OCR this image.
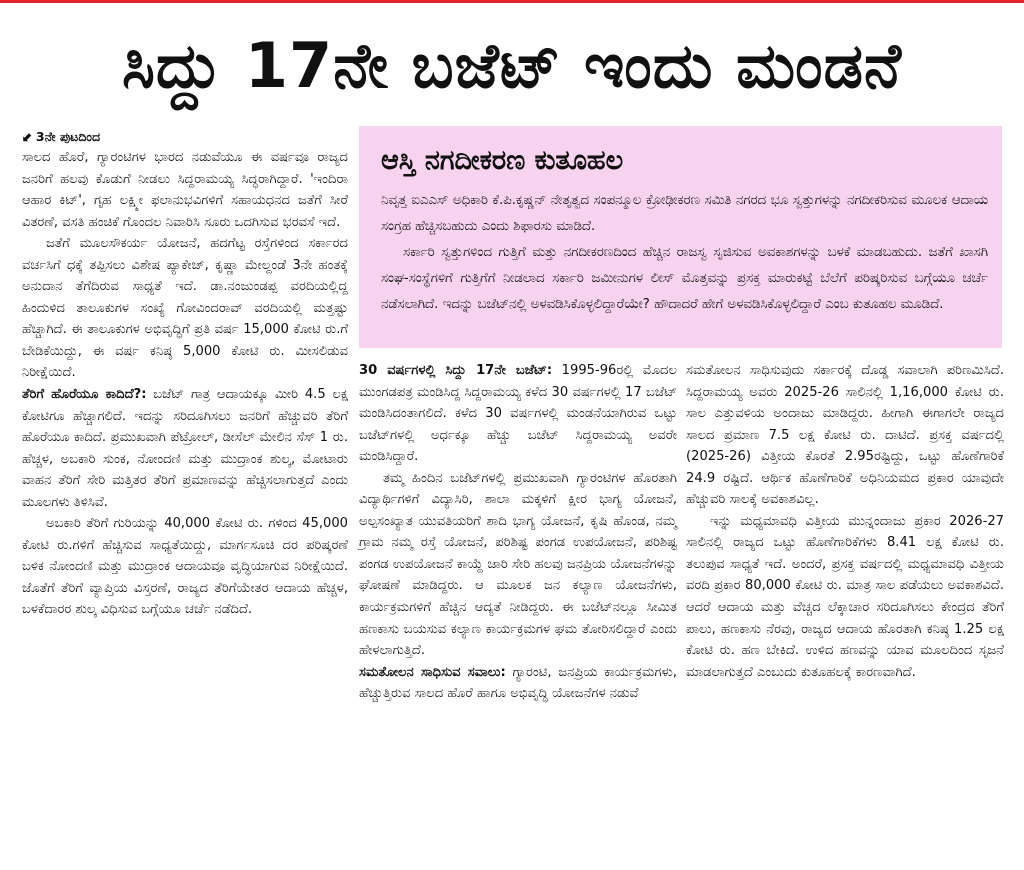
ಸಿದ್ದು 17ನೇ ಬಜೆಟ್ ಇಂದು ಮಂಡನೆ
⬋ 3ನೇ ಪುಟದಿಂದ

ಸಾಲದ ಹೊರೆ, ಗ್ಯಾರಂಟಿಗಳ ಭಾರದ ನಡುವೆಯೂ ಈ ವರ್ಷವೂ ರಾಜ್ಯದ ಜನರಿಗೆ ಹಲವು ಕೊಡುಗೆ ನೀಡಲು ಸಿದ್ದರಾಮಯ್ಯ ಸಿದ್ಧರಾಗಿದ್ದಾರೆ. 'ಇಂದಿರಾ ಆಹಾರ ಕಿಟ್', ಗೃಹ ಲಕ್ಷ್ಮೀ ಫಲಾನುಭವಿಗಳಿಗೆ ಸಹಾಯಧನದ ಜತೆಗೆ ಸೀರೆ ವಿತರಣೆ, ವಸತಿ ಹಂಚಿಕೆ ಗೊಂದಲ ನಿವಾರಿಸಿ ಸೂರು ಒದಗಿಸುವ ಭರವಸೆ ಇದೆ.

ಜತೆಗೆ ಮೂಲಸೌಕರ್ಯ ಯೋಜನೆ, ಹದಗೆಟ್ಟ ರಸ್ತೆಗಳಿಂದ ಸರ್ಕಾರದ ವರ್ಚಸಿಗೆ ಧಕ್ಕೆ ತಪ್ಪಿಸಲು ವಿಶೇಷ ಪ್ಯಾಕೇಜ್, ಕೃಷ್ಣಾ ಮೇಲ್ದಂಡೆ 3ನೇ ಹಂತಕ್ಕೆ ಅನುದಾನ ತೆಗೆದಿರುವ ಸಾಧ್ಯತೆ ಇದೆ. ಡಾ.ನಂಜುಂಡಪ್ಪ ವರದಿಯಲ್ಲಿದ್ದ ಹಿಂದುಳಿದ ತಾಲೂಕುಗಳ ಸಂಖ್ಯೆ ಗೋವಿಂದರಾವ್ ವರದಿಯಲ್ಲಿ ಮತ್ತಷ್ಟು ಹೆಚ್ಚಾಗಿದೆ. ಈ ತಾಲೂಕುಗಳ ಅಭಿವೃದ್ಧಿಗೆ ಪ್ರತಿ ವರ್ಷ 15,000 ಕೋಟಿ ರು.ಗೆ ಬೇಡಿಕೆಯಿದ್ದು, ಈ ವರ್ಷ ಕನಿಷ್ಠ 5,000 ಕೋಟಿ ರು. ಮೀಸಲಿಡುವ ನಿರೀಕ್ಷೆಯಿದೆ.

ತೆರಿಗೆ ಹೊರೆಯೂ ಕಾದಿದೆ?: ಬಜೆಟ್ ಗಾತ್ರ ಆದಾಯಕ್ಕೂ ಮೀರಿ 4.5 ಲಕ್ಷ ಕೋಟಿಗೂ ಹೆಚ್ಚಾಗಲಿದೆ. ಇದನ್ನು ಸರಿದೂಗಿಸಲು ಜನರಿಗೆ ಹೆಚ್ಚುವರಿ ತೆರಿಗೆ ಹೊರೆಯೂ ಕಾದಿದೆ. ಪ್ರಮುಖವಾಗಿ ಪೆಟ್ರೋಲ್, ಡೀಸೆಲ್ ಮೇಲಿನ ಸೆಸ್ 1 ರು. ಹೆಚ್ಚಳ, ಅಬಕಾರಿ ಸುಂಕ, ನೋಂದಣಿ ಮತ್ತು ಮುದ್ರಾಂಕ ಶುಲ್ಕ, ಮೋಟಾರು ವಾಹನ ತೆರಿಗೆ ಸೇರಿ ಮತ್ತಿತರ ತೆರಿಗೆ ಪ್ರಮಾಣವನ್ನು ಹೆಚ್ಚಿಸಲಾಗುತ್ತದೆ ಎಂದು ಮೂಲಗಳು ತಿಳಿಸಿವೆ.

ಅಬಕಾರಿ ತೆರಿಗೆ ಗುರಿಯನ್ನು 40,000 ಕೋಟಿ ರು. ಗಳಿಂದ 45,000 ಕೋಟಿ ರು.ಗಳಿಗೆ ಹೆಚ್ಚಿಸುವ ಸಾಧ್ಯತೆಯಿದ್ದು, ಮಾರ್ಗಸೂಚಿ ದರ ಪರಿಷ್ಕರಣೆ ಬಳಿಕ ನೋಂದಣಿ ಮತ್ತು ಮುದ್ರಾಂಕ ಆದಾಯವೂ ವೃದ್ಧಿಯಾಗುವ ನಿರೀಕ್ಷೆಯಿದೆ. ಜೊತೆಗೆ ತೆರಿಗೆ ವ್ಯಾಪ್ತಿಯ ವಿಸ್ತರಣೆ, ರಾಜ್ಯದ ತೆರಿಗೆಯೇತರ ಆದಾಯ ಹೆಚ್ಚಳ, ಬಳಕೆದಾರರ ಶುಲ್ಕ ವಿಧಿಸುವ ಬಗ್ಗೆಯೂ ಚರ್ಚೆ ನಡೆದಿದೆ.

ಆಸ್ತಿ ನಗದೀಕರಣ ಕುತೂಹಲ

ನಿವೃತ್ತ ಐಎಎಸ್ ಅಧಿಕಾರಿ ಕೆ.ಪಿ.ಕೃಷ್ಣನ್ ನೇತೃತ್ವದ ಸಂಪನ್ಮೂಲ ಕ್ರೋಢೀಕರಣ ಸಮಿತಿ ನಗರದ ಭೂ ಸ್ವತ್ತುಗಳನ್ನು ನಗದೀಕರಿಸುವ ಮೂಲಕ ಆದಾಯ ಸಂಗ್ರಹ ಹೆಚ್ಚಿಸಬಹುದು ಎಂದು ಶಿಫಾರಸು ಮಾಡಿದೆ.

ಸರ್ಕಾರಿ ಸ್ವತ್ತುಗಳಿಂದ ಗುತ್ತಿಗೆ ಮತ್ತು ನಗದೀಕರಣದಿಂದ ಹೆಚ್ಚಿನ ರಾಜಸ್ವ ಸೃಜಿಸುವ ಅವಕಾಶಗಳನ್ನು ಬಳಕೆ ಮಾಡಬಹುದು. ಜತೆಗೆ ಖಾಸಗಿ ಸಂಘ-ಸಂಸ್ಥೆಗಳಿಗೆ ಗುತ್ತಿಗೆಗೆ ನೀಡಲಾದ ಸರ್ಕಾರಿ ಜಮೀನುಗಳ ಲೀಸ್ ಮೊತ್ತವನ್ನು ಪ್ರಸಕ್ತ ಮಾರುಕಟ್ಟೆ ಬೆಲೆಗೆ ಪರಿಷ್ಕರಿಸುವ ಬಗ್ಗೆಯೂ ಚರ್ಚೆ ನಡೆಸಲಾಗಿದೆ. ಇದನ್ನು ಬಜೆಟ್‌ನಲ್ಲಿ ಅಳವಡಿಸಿಕೊಳ್ಳಲಿದ್ದಾರೆಯೇ? ಹೌದಾದರೆ ಹೇಗೆ ಅಳವಡಿಸಿಕೊಳ್ಳಲಿದ್ದಾರೆ ಎಂಬ ಕುತೂಹಲ ಮೂಡಿದೆ.

30 ವರ್ಷಗಳಲ್ಲಿ ಸಿದ್ದು 17ನೇ ಬಜೆಟ್: 1995-96ರಲ್ಲಿ ಮೊದಲ ಮುಂಗಡಪತ್ರ ಮಂಡಿಸಿದ್ದ ಸಿದ್ದರಾಮಯ್ಯ ಕಳೆದ 30 ವರ್ಷಗಳಲ್ಲಿ 17 ಬಜೆಟ್ ಮಂಡಿಸಿದಂತಾಗಲಿದೆ. ಕಳೆದ 30 ವರ್ಷಗಳಲ್ಲಿ ಮಂಡನೆಯಾಗಿರುವ ಒಟ್ಟು ಬಜೆಟ್‌ಗಳಲ್ಲಿ ಅರ್ಧಕ್ಕೂ ಹೆಚ್ಚು ಬಜೆಟ್ ಸಿದ್ದರಾಮಯ್ಯ ಅವರೇ ಮಂಡಿಸಿದ್ದಾರೆ.

ತಮ್ಮ ಹಿಂದಿನ ಬಜೆಟ್‌ಗಳಲ್ಲಿ ಪ್ರಮುಖವಾಗಿ ಗ್ಯಾರಂಟಿಗಳ ಹೊರತಾಗಿ ವಿದ್ಯಾರ್ಥಿಗಳಿಗೆ ವಿದ್ಯಾಸಿರಿ, ಶಾಲಾ ಮಕ್ಕಳಿಗೆ ಕ್ಷೀರ ಭಾಗ್ಯ ಯೋಜನೆ, ಅಲ್ಪಸಂಖ್ಯಾತ ಯುವತಿಯರಿಗೆ ಶಾದಿ ಭಾಗ್ಯ ಯೋಜನೆ, ಕೃಷಿ ಹೊಂಡ, ನಮ್ಮ ಗ್ರಾಮ ನಮ್ಮ ರಸ್ತೆ ಯೋಜನೆ, ಪರಿಶಿಷ್ಟ ಪಂಗಡ ಉಪಯೋಜನೆ, ಪರಿಶಿಷ್ಟ ಪಂಗಡ ಉಪಯೋಜನೆ ಕಾಯ್ದೆ ಜಾರಿ ಸೇರಿ ಹಲವು ಜನಪ್ರಿಯ ಯೋಜನೆಗಳನ್ನು ಘೋಷಣೆ ಮಾಡಿದ್ದರು. ಆ ಮೂಲಕ ಜನ ಕಲ್ಯಾಣ ಯೋಜನೆಗಳು, ಕಾರ್ಯಕ್ರಮಗಳಿಗೆ ಹೆಚ್ಚಿನ ಆದ್ಯತೆ ನೀಡಿದ್ದರು. ಈ ಬಜೆಟ್‌ನಲ್ಲೂ ಸೀಮಿತ ಹಣಕಾಸು ಬಯಸುವ ಕಲ್ಯಾಣ ಕಾರ್ಯಕ್ರಮಗಳ ಘಮ ತೋರಿಸಲಿದ್ದಾರೆ ಎಂದು ಹೇಳಲಾಗುತ್ತಿದೆ.

ಸಮತೋಲನ ಸಾಧಿಸುವ ಸವಾಲು: ಗ್ಯಾರಂಟಿ, ಜನಪ್ರಿಯ ಕಾರ್ಯಕ್ರಮಗಳು, ಹೆಚ್ಚುತ್ತಿರುವ ಸಾಲದ ಹೊರೆ ಹಾಗೂ ಅಭಿವೃದ್ಧಿ ಯೋಜನೆಗಳ ನಡುವೆ

ಸಮತೋಲನ ಸಾಧಿಸುವುದು ಸರ್ಕಾರಕ್ಕೆ ದೊಡ್ಡ ಸವಾಲಾಗಿ ಪರಿಣಮಿಸಿದೆ. ಸಿದ್ದರಾಮಯ್ಯ ಅವರು 2025-26 ಸಾಲಿನಲ್ಲಿ 1,16,000 ಕೋಟಿ ರು. ಸಾಲ ಎತ್ತುವಳಿಯ ಅಂದಾಜು ಮಾಡಿದ್ದರು. ಹೀಗಾಗಿ ಈಗಾಗಲೇ ರಾಜ್ಯದ ಸಾಲದ ಪ್ರಮಾಣ 7.5 ಲಕ್ಷ ಕೋಟಿ ರು. ದಾಟಿದೆ. ಪ್ರಸಕ್ತ ವರ್ಷದಲ್ಲಿ (2025-26) ವಿತ್ತೀಯ ಕೊರತೆ 2.95ರಷ್ಟಿದ್ದು, ಒಟ್ಟು ಹೊಣೆಗಾರಿಕೆ 24.9 ರಷ್ಟಿದೆ. ಆರ್ಥಿಕ ಹೊಣೆಗಾರಿಕೆ ಅಧಿನಿಯಮದ ಪ್ರಕಾರ ಯಾವುದೇ ಹೆಚ್ಚುವರಿ ಸಾಲಕ್ಕೆ ಅವಕಾಶವಿಲ್ಲ.

ಇನ್ನು ಮಧ್ಯಮಾವಧಿ ವಿತ್ತೀಯ ಮುನ್ನಂದಾಜು ಪ್ರಕಾರ 2026-27 ಸಾಲಿನಲ್ಲಿ ರಾಜ್ಯದ ಒಟ್ಟು ಹೊಣೆಗಾರಿಕೆಗಳು 8.41 ಲಕ್ಷ ಕೋಟಿ ರು. ತಲುಪುವ ಸಾಧ್ಯತೆ ಇದೆ. ಅಂದರೆ, ಪ್ರಸಕ್ತ ವರ್ಷದಲ್ಲಿ ಮಧ್ಯಮಾವಧಿ ವಿತ್ತೀಯ ವರದಿ ಪ್ರಕಾರ 80,000 ಕೋಟಿ ರು. ಮಾತ್ರ ಸಾಲ ಪಡೆಯಲು ಅವಕಾಶವಿದೆ. ಆದರೆ ಆದಾಯ ಮತ್ತು ವೆಚ್ಚದ ಲೆಕ್ಕಾಚಾರ ಸರಿದೂಗಿಸಲು ಕೇಂದ್ರದ ತೆರಿಗೆ ಪಾಲು, ಹಣಕಾಸು ನೆರವು, ರಾಜ್ಯದ ಆದಾಯ ಹೊರತಾಗಿ ಕನಿಷ್ಠ 1.25 ಲಕ್ಷ ಕೋಟಿ ರು. ಹಣ ಬೇಕಿದೆ. ಉಳಿದ ಹಣವನ್ನು ಯಾವ ಮೂಲದಿಂದ ಸೃಜನೆ ಮಾಡಲಾಗುತ್ತದೆ ಎಂಬುದು ಕುತೂಹಲಕ್ಕೆ ಕಾರಣವಾಗಿದೆ.
